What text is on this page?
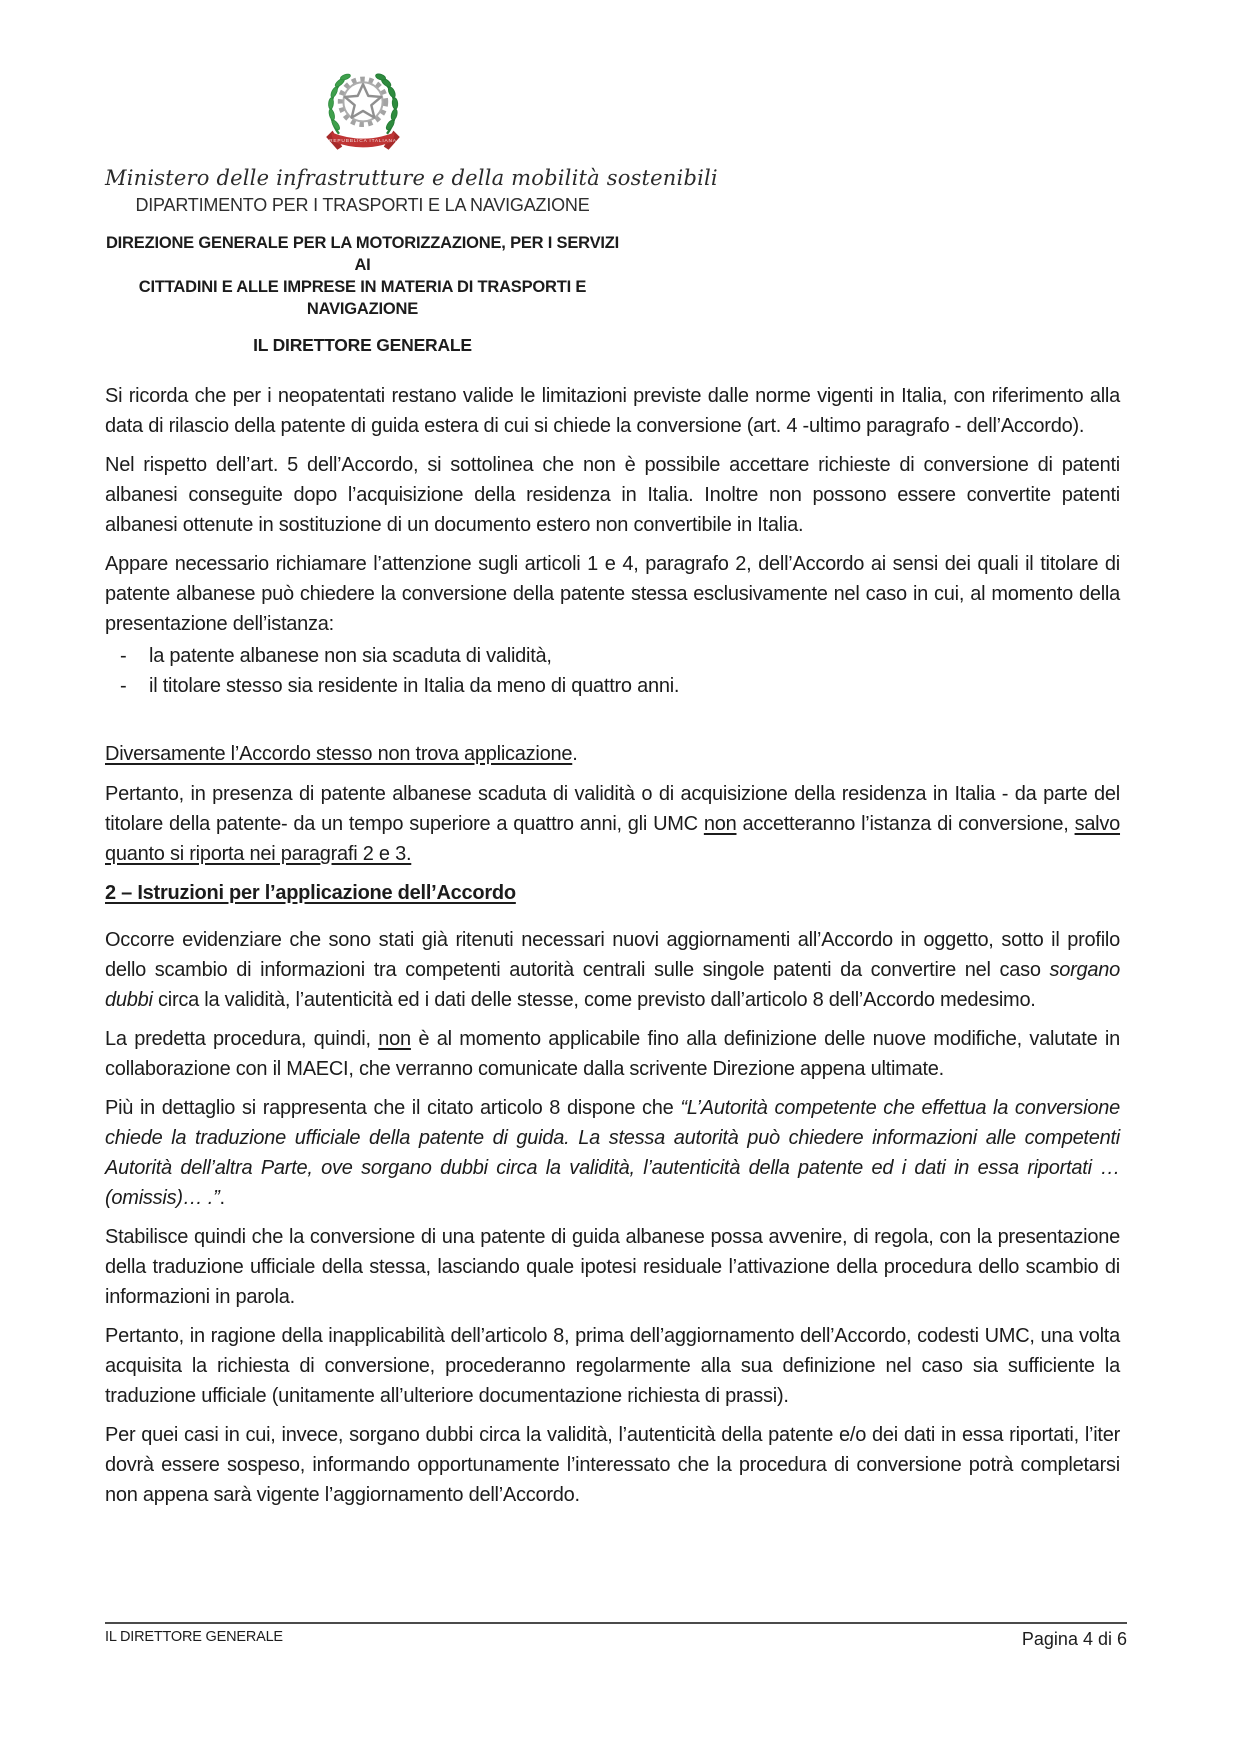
REPUBBLICA ITALIANA
Ministero delle infrastrutture e della mobilità sostenibili
DIPARTIMENTO PER I TRASPORTI E LA NAVIGAZIONE
DIREZIONE GENERALE PER LA MOTORIZZAZIONE, PER I SERVIZI AI
CITTADINI E ALLE IMPRESE IN MATERIA DI TRASPORTI E NAVIGAZIONE
IL DIRETTORE GENERALE

Si ricorda che per i neopatentati restano valide le limitazioni previste dalle norme vigenti in Italia, con riferimento alla data di rilascio della patente di guida estera di cui si chiede la conversione (art. 4 -ultimo paragrafo - dell’Accordo).

Nel rispetto dell’art. 5 dell’Accordo, si sottolinea che non è possibile accettare richieste di conversione di patenti albanesi conseguite dopo l’acquisizione della residenza in Italia. Inoltre non possono essere convertite patenti albanesi ottenute in sostituzione di un documento estero non convertibile in Italia.

Appare necessario richiamare l’attenzione sugli articoli 1 e 4, paragrafo 2, dell’Accordo ai sensi dei quali il titolare di patente albanese può chiedere la conversione della patente stessa esclusivamente nel caso in cui, al momento della presentazione dell’istanza:

-	la patente albanese non sia scaduta di validità,
-	il titolare stesso sia residente in Italia da meno di quattro anni.

Diversamente l’Accordo stesso non trova applicazione.

Pertanto, in presenza di patente albanese scaduta di validità o di acquisizione della residenza in Italia - da parte del titolare della patente- da un tempo superiore a quattro anni, gli UMC non accetteranno l’istanza di conversione, salvo quanto si riporta nei paragrafi 2 e 3.

2 – Istruzioni per l’applicazione dell’Accordo

Occorre evidenziare che sono stati già ritenuti necessari nuovi aggiornamenti all’Accordo in oggetto, sotto il profilo dello scambio di informazioni tra competenti autorità centrali sulle singole patenti da convertire nel caso sorgano dubbi circa la validità, l’autenticità ed i dati delle stesse, come previsto dall’articolo 8 dell’Accordo medesimo.

La predetta procedura, quindi, non è al momento applicabile fino alla definizione delle nuove modifiche, valutate in collaborazione con il MAECI, che verranno comunicate dalla scrivente Direzione appena ultimate.

Più in dettaglio si rappresenta che il citato articolo 8 dispone che “L’Autorità competente che effettua la conversione chiede la traduzione ufficiale della patente di guida. La stessa autorità può chiedere informazioni alle competenti Autorità dell’altra Parte, ove sorgano dubbi circa la validità, l’autenticità della patente ed i dati in essa riportati …(omissis)… .”.

Stabilisce quindi che la conversione di una patente di guida albanese possa avvenire, di regola, con la presentazione della traduzione ufficiale della stessa, lasciando quale ipotesi residuale l’attivazione della procedura dello scambio di informazioni in parola.

Pertanto, in ragione della inapplicabilità dell’articolo 8, prima dell’aggiornamento dell’Accordo, codesti UMC, una volta acquisita la richiesta di conversione, procederanno regolarmente alla sua definizione nel caso sia sufficiente la traduzione ufficiale (unitamente all’ulteriore documentazione richiesta di prassi).

Per quei casi in cui, invece, sorgano dubbi circa la validità, l’autenticità della patente e/o dei dati in essa riportati, l’iter dovrà essere sospeso, informando opportunamente l’interessato che la procedura di conversione potrà completarsi non appena sarà vigente l’aggiornamento dell’Accordo.

IL DIRETTORE GENERALE	Pagina 4 di 6
